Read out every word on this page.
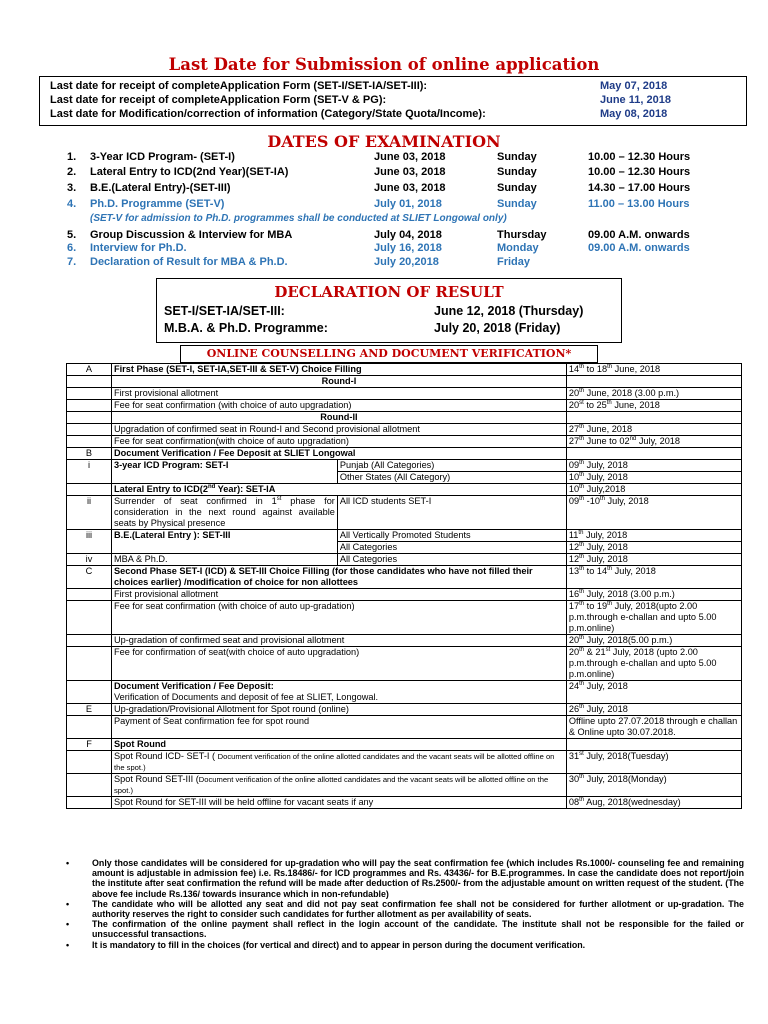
Last Date for Submission of online application
Last date for receipt of completeApplication Form (SET-I/SET-IA/SET-III):	May 07, 2018
Last date for receipt of completeApplication Form (SET-V & PG):	June 11, 2018
Last date for Modification/correction of information (Category/State Quota/Income):	May 08, 2018
DATES OF EXAMINATION
1. 3-Year ICD Program- (SET-I)	June 03, 2018	Sunday	10.00 – 12.30 Hours
2. Lateral Entry to ICD(2nd Year)(SET-IA)	June 03, 2018	Sunday	10.00 – 12.30 Hours
3. B.E.(Lateral Entry)-(SET-III)	June 03, 2018	Sunday	14.30 – 17.00 Hours
4. Ph.D. Programme (SET-V)	July 01, 2018	Sunday	11.00 – 13.00 Hours
5. Group Discussion & Interview for MBA	July 04, 2018	Thursday	09.00 A.M. onwards
6. Interview for Ph.D.	July 16, 2018	Monday	09.00 A.M. onwards
7. Declaration of Result for MBA & Ph.D.	July 20,2018	Friday
(SET-V for admission to Ph.D. programmes shall be conducted at SLIET Longowal only)
DECLARATION OF RESULT
SET-I/SET-IA/SET-III:	June 12, 2018 (Thursday)
M.B.A. & Ph.D. Programme:	July 20, 2018 (Friday)
ONLINE COUNSELLING AND DOCUMENT VERIFICATION*
A	First Phase (SET-I, SET-IA,SET-III & SET-V) Choice Filling		14th to 18th June, 2018
	Round-I		
	First provisional allotment		20th June, 2018 (3.00 p.m.)
	Fee for seat confirmation (with choice of auto upgradation)		20st to 25th June, 2018
	Round-II		
	Upgradation of confirmed seat in Round-I and Second provisional allotment		27th June, 2018
	Fee for seat confirmation(with choice of auto upgradation)		27th June to 02nd July, 2018
B	Document Verification / Fee Deposit at SLIET Longowal		
i	3-year ICD Program: SET-I	Punjab (All Categories)	09th July, 2018
		Other States (All Category)	10th July, 2018
	Lateral Entry to ICD(2nd Year): SET-IA		10th July,2018
ii	Surrender of seat confirmed in 1st phase for consideration in the next round against available seats by Physical presence	All ICD students SET-I	09th -10th July, 2018
iii	B.E.(Lateral Entry ): SET-III	All Vertically Promoted Students	11th July, 2018
		All Categories	12th July, 2018
iv	MBA & Ph.D.	All Categories	12th July, 2018
C	Second Phase SET-I (ICD) & SET-III Choice Filling (for those candidates who have not filled their choices earlier) /modification of choice for non allottees		13th to 14th July, 2018
	First provisional allotment		16th July, 2018 (3.00 p.m.)
	Fee for seat confirmation (with choice of auto up-gradation)		17th to 19th July, 2018(upto 2.00 p.m.through e-challan and upto 5.00 p.m.online)
	Up-gradation of confirmed seat and provisional allotment		20th July, 2018(5.00 p.m.)
	Fee for confirmation of seat(with choice of auto upgradation)		20th & 21st July, 2018 (upto 2.00 p.m.through e-challan and upto 5.00 p.m.online)

	Document Verification / Fee Deposit:
Verification of Documents and deposit of fee at SLIET, Longowal.		24th July, 2018
E	Up-gradation/Provisional Allotment for Spot round (online)		26th July, 2018
	Payment of Seat confirmation fee for spot round		Offline upto 27.07.2018 through e challan & Online upto 30.07.2018.
F	Spot Round		
	Spot Round ICD- SET-I ( Document verification of the online allotted candidates and the vacant seats will be allotted offline on the spot.)		31st July, 2018(Tuesday)
	Spot Round SET-III (Document verification of the online allotted candidates and the vacant seats will be allotted offline on the spot.)		30th July, 2018(Monday)
	Spot Round for SET-III will be held offline for vacant seats if any		08th Aug, 2018(wednesday)
•	Only those candidates will be considered for up-gradation who will pay the seat confirmation fee (which includes Rs.1000/- counseling fee and remaining amount is adjustable in admission fee) i.e. Rs.18486/- for ICD programmes and Rs. 43436/- for B.E.programmes. In case the candidate does not report/join the institute after seat confirmation the refund will be made after deduction of Rs.2500/- from the adjustable amount on written request of the student. (The above fee include Rs.136/ towards insurance which in non-refundable)
•	The candidate who will be allotted any seat and did not pay seat confirmation fee shall not be considered for further allotment or up-gradation. The authority reserves the right to consider such candidates for further allotment as per availability of seats.
•	The confirmation of the online payment shall reflect in the login account of the candidate. The institute shall not be responsible for the failed or unsuccessful transactions.
•	It is mandatory to fill in the choices (for vertical and direct) and to appear in person during the document verification.
